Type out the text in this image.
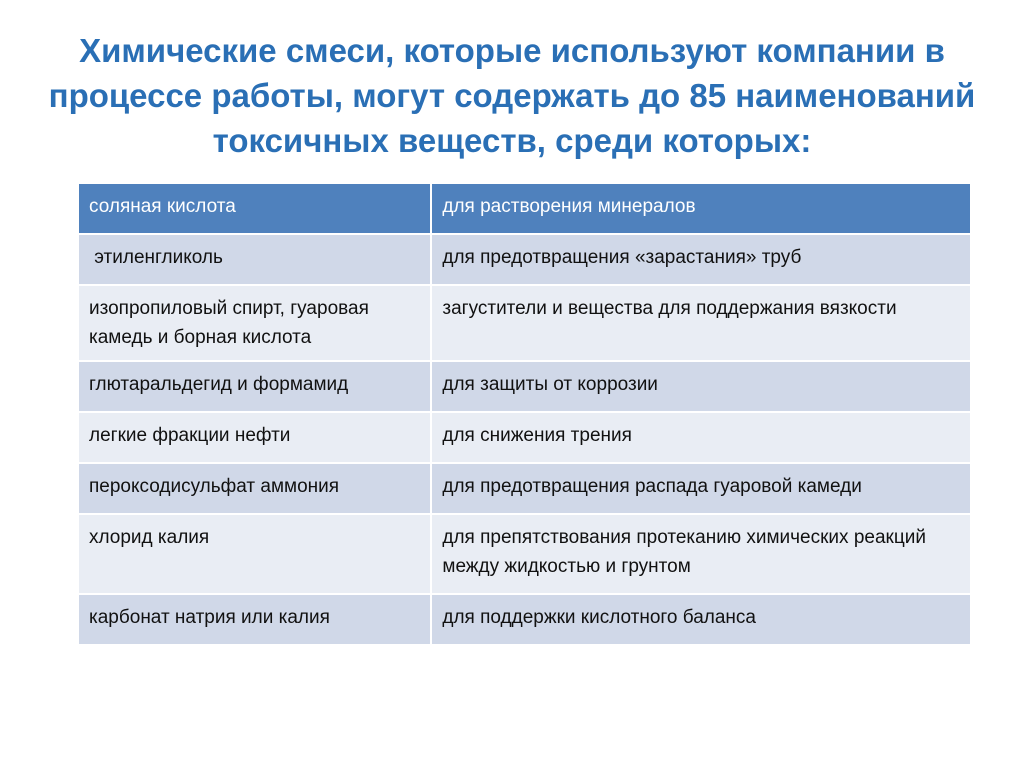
Химические смеси, которые используют компании в процессе работы, могут содержать до 85 наименований токсичных веществ, среди которых:
соляная кислота	для растворения минералов
этиленгликоль	для предотвращения «зарастания» труб
изопропиловый спирт, гуаровая камедь и борная кислота	загустители и вещества для поддержания вязкости
глютаральдегид и формамид	для защиты от коррозии
легкие фракции нефти	для снижения трения
пероксодисульфат аммония	для предотвращения распада гуаровой камеди
хлорид калия	для препятствования протеканию химических реакций между жидкостью и грунтом
карбонат натрия или калия	для поддержки кислотного баланса
